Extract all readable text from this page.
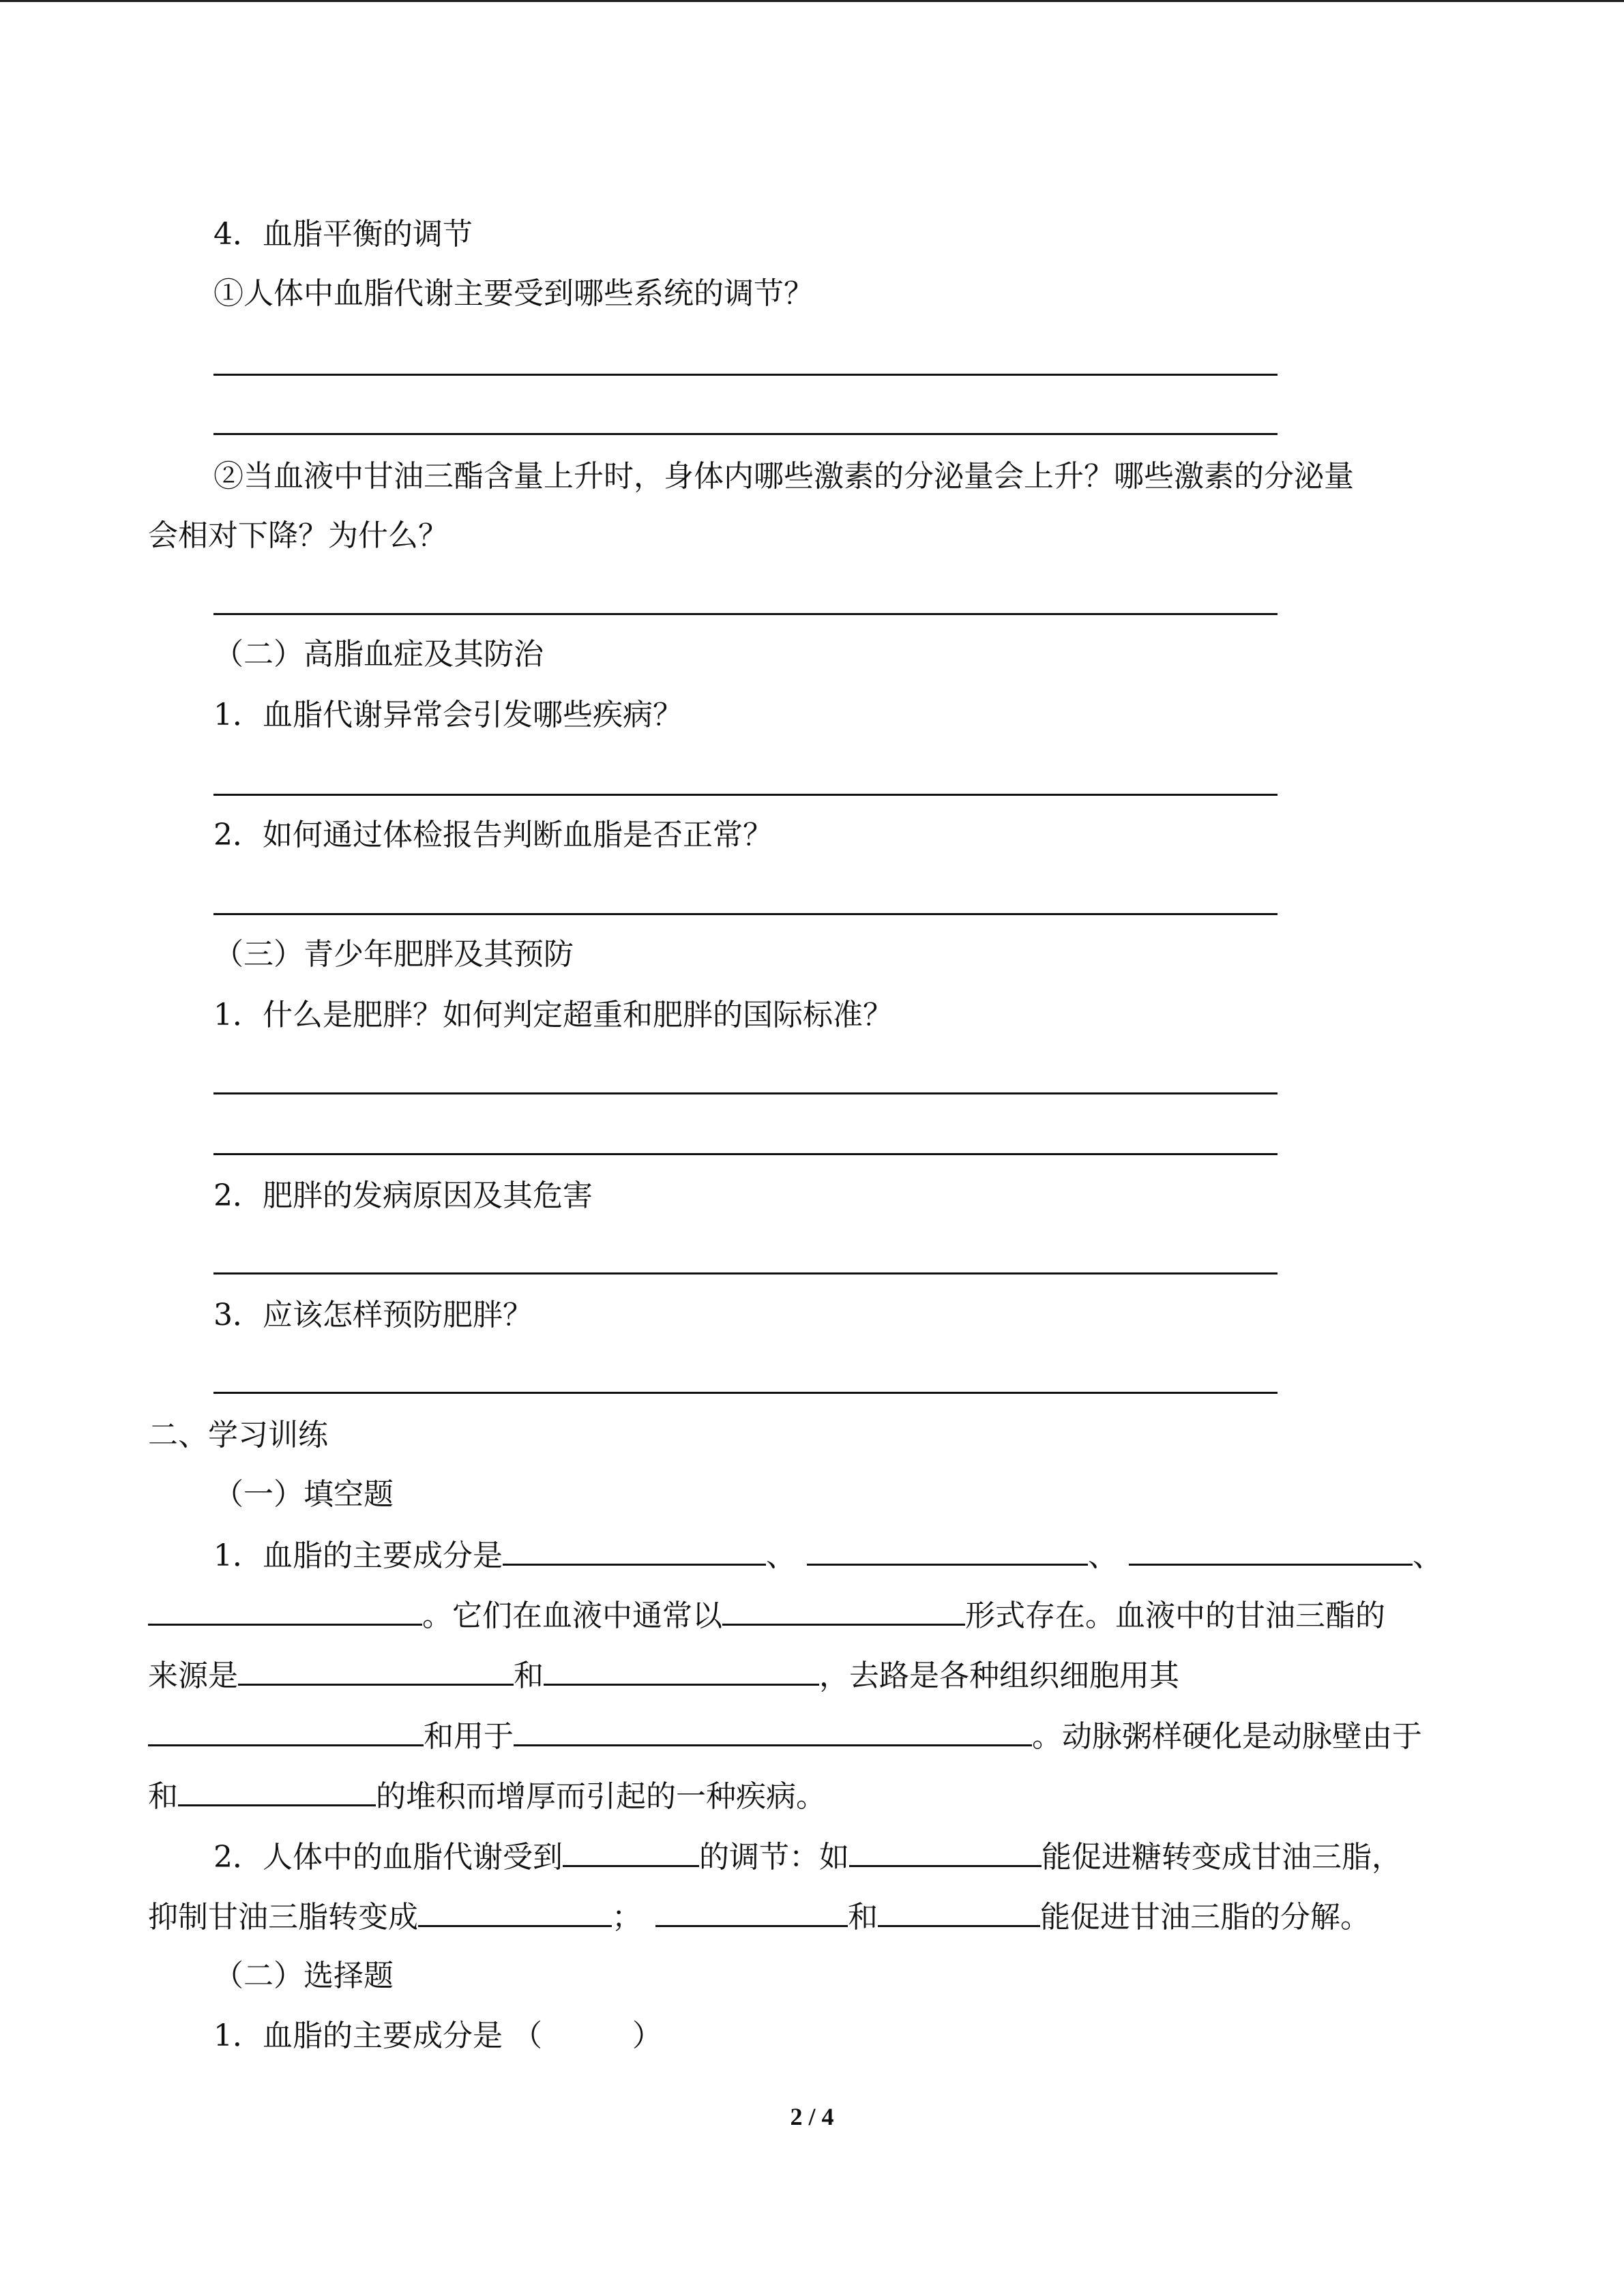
4．血脂平衡的调节
①人体中血脂代谢主要受到哪些系统的调节？
②当血液中甘油三酯含量上升时，身体内哪些激素的分泌量会上升？哪些激素的分泌量
会相对下降？为什么？
（二）高脂血症及其防治
1．血脂代谢异常会引发哪些疾病？
2．如何通过体检报告判断血脂是否正常？
（三）青少年肥胖及其预防
1．什么是肥胖？如何判定超重和肥胖的国际标准？
2．肥胖的发病原因及其危害
3．应该怎样预防肥胖？
二、学习训练
（一）填空题
1．血脂的主要成分是	、	、	、
。它们在血液中通常以	形式存在。血液中的甘油三酯的
来源是	和	，去路是各种组织细胞用其
和用于	。动脉粥样硬化是动脉壁由于
和	的堆积而增厚而引起的一种疾病。
2．人体中的血脂代谢受到	的调节：如	能促进糖转变成甘油三脂，
抑制甘油三脂转变成	；	和	能促进甘油三脂的分解。
（二）选择题
1．血脂的主要成分是 （　　　）
2 / 4
